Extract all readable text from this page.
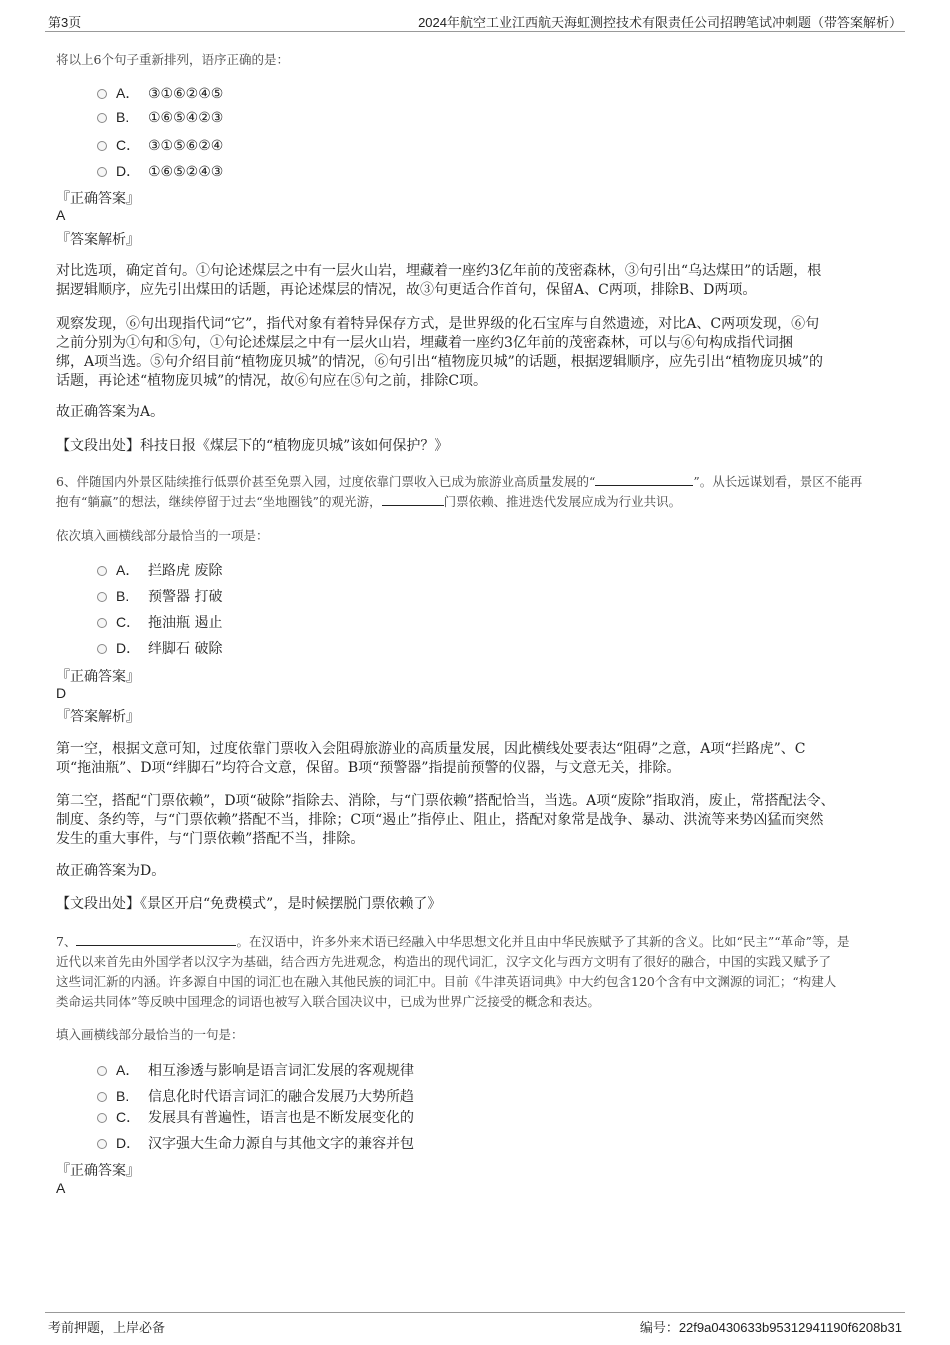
第3页	2024年航空工业江西航天海虹测控技术有限责任公司招聘笔试冲刺题（带答案解析）
将以上6个句子重新排列，语序正确的是：
A． ③①⑥②④⑤
B. ①⑥⑤④②③
C． ③①⑤⑥②④
D． ①⑥⑤②④③
『正确答案』
A
『答案解析』
对比选项，确定首句。①句论述煤层之中有一层火山岩，埋藏着一座约3亿年前的茂密森林，③句引出“乌达煤田”的话题，根
据逻辑顺序，应先引出煤田的话题，再论述煤层的情况，故③句更适合作首句，保留A、C两项，排除B、D两项。
观察发现，⑥句出现指代词“它”，指代对象有着特异保存方式，是世界级的化石宝库与自然遗迹，对比A、C两项发现，⑥句
之前分别为①句和⑤句，①句论述煤层之中有一层火山岩，埋藏着一座约3亿年前的茂密森林，可以与⑥句构成指代词捆
绑，A项当选。⑤句介绍目前“植物庞贝城”的情况，⑥句引出“植物庞贝城”的话题，根据逻辑顺序，应先引出“植物庞贝城”的
话题，再论述“植物庞贝城”的情况，故⑥句应在⑤句之前，排除C项。
故正确答案为A。
【文段出处】科技日报《煤层下的“植物庞贝城”该如何保护？》
6、伴随国内外景区陆续推行低票价甚至免票入园，过度依靠门票收入已成为旅游业高质量发展的“	”。从长远谋划看，景区不能再
抱有“躺赢”的想法，继续停留于过去“坐地圈钱”的观光游，	门票依赖、推进迭代发展应成为行业共识。
依次填入画横线部分最恰当的一项是：
A． 拦路虎 废除
B. 预警器 打破
C． 拖油瓶 遏止
D． 绊脚石 破除
『正确答案』
D
『答案解析』
第一空，根据文意可知，过度依靠门票收入会阻碍旅游业的高质量发展，因此横线处要表达“阻碍”之意，A项“拦路虎”、C
项“拖油瓶”、D项“绊脚石”均符合文意，保留。B项“预警器”指提前预警的仪器，与文意无关，排除。
第二空，搭配“门票依赖”，D项“破除”指除去、消除，与“门票依赖”搭配恰当，当选。A项“废除”指取消，废止，常搭配法令、
制度、条约等，与“门票依赖”搭配不当，排除；C项“遏止”指停止、阻止，搭配对象常是战争、暴动、洪流等来势凶猛而突然
发生的重大事件，与“门票依赖”搭配不当，排除。
故正确答案为D。
【文段出处】《景区开启“免费模式”，是时候摆脱门票依赖了》
7、	。在汉语中，许多外来术语已经融入中华思想文化并且由中华民族赋予了其新的含义。比如“民主”“革命”等，是
近代以来首先由外国学者以汉字为基础，结合西方先进观念，构造出的现代词汇，汉字文化与西方文明有了很好的融合，中国的实践又赋予了
这些词汇新的内涵。许多源自中国的词汇也在融入其他民族的词汇中。目前《牛津英语词典》中大约包含120个含有中文渊源的词汇；“构建人
类命运共同体”等反映中国理念的词语也被写入联合国决议中，已成为世界广泛接受的概念和表达。
填入画横线部分最恰当的一句是：
A． 相互渗透与影响是语言词汇发展的客观规律
B. 信息化时代语言词汇的融合发展乃大势所趋
C． 发展具有普遍性，语言也是不断发展变化的
D． 汉字强大生命力源自与其他文字的兼容并包
『正确答案』
A
考前押题，上岸必备	编号：22f9a0430633b95312941190f6208b31
